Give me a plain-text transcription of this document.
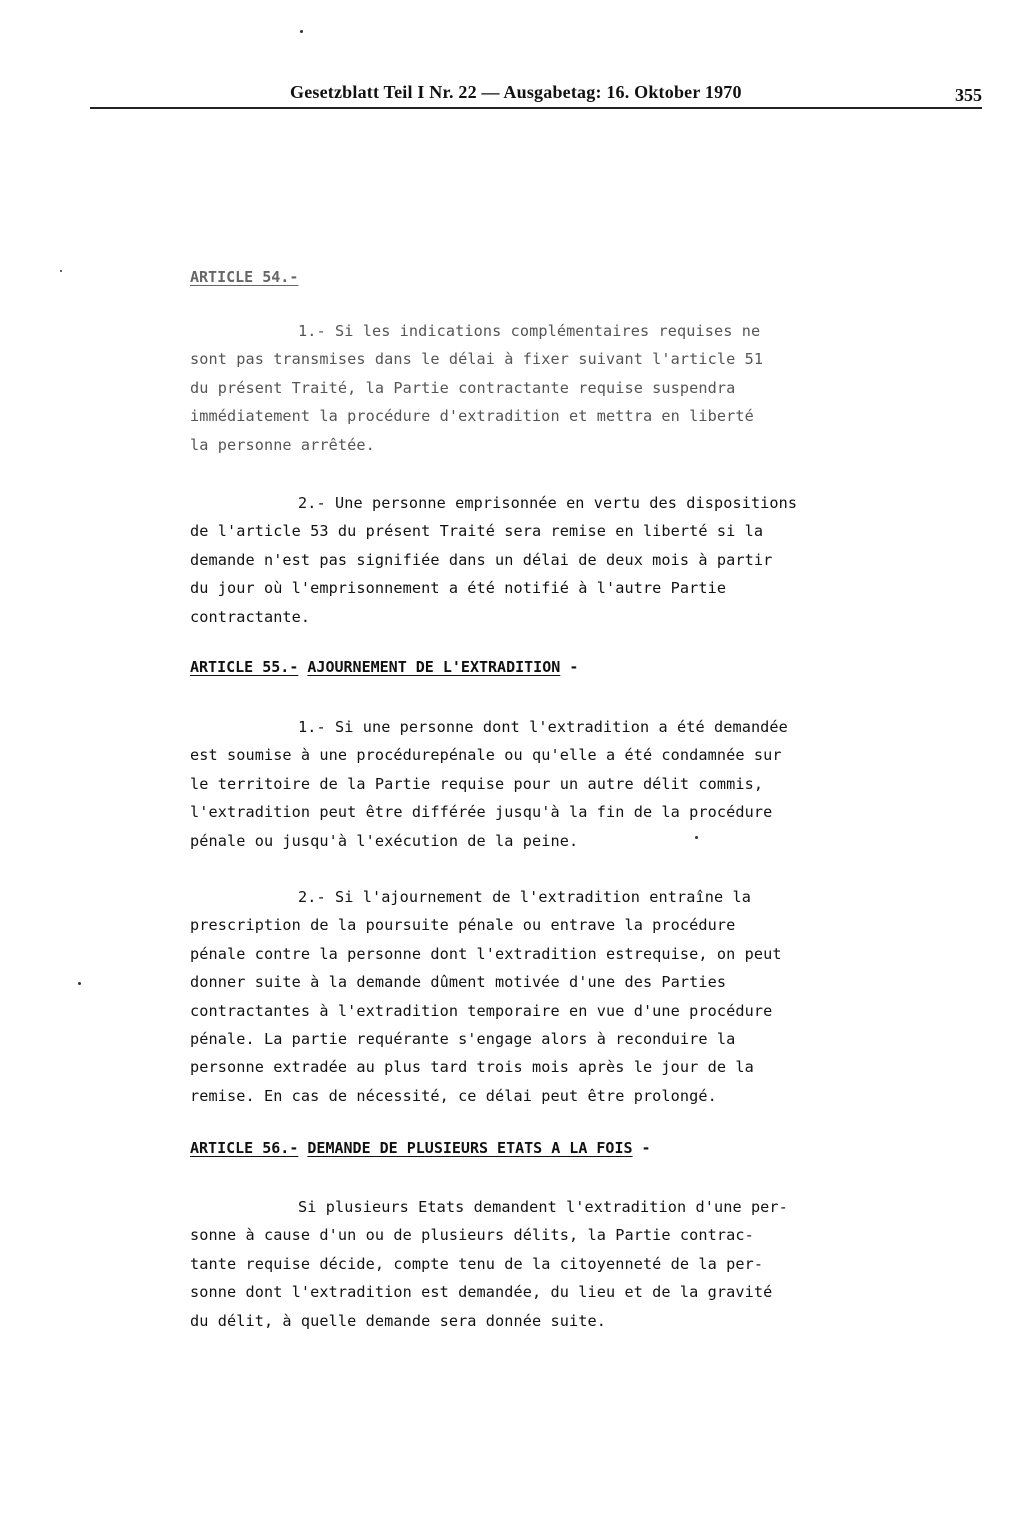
Gesetzblatt Teil I Nr. 22 — Ausgabetag: 16. Oktober 1970	355
ARTICLE 54.-
1.- Si les indications complémentaires requises ne
sont pas transmises dans le délai à fixer suivant l'article 51
du présent Traité, la Partie contractante requise suspendra
immédiatement la procédure d'extradition et mettra en liberté
la personne arrêtée.
2.- Une personne emprisonnée en vertu des dispositions
de l'article 53 du présent Traité sera remise en liberté si la
demande n'est pas signifiée dans un délai de deux mois à partir
du jour où l'emprisonnement a été notifié à l'autre Partie
contractante.
ARTICLE 55.- AJOURNEMENT DE L'EXTRADITION -
1.- Si une personne dont l'extradition a été demandée
est soumise à une procédurepénale ou qu'elle a été condamnée sur
le territoire de la Partie requise pour un autre délit commis,
l'extradition peut être différée jusqu'à la fin de la procédure
pénale ou jusqu'à l'exécution de la peine.
2.- Si l'ajournement de l'extradition entraîne la
prescription de la poursuite pénale ou entrave la procédure
pénale contre la personne dont l'extradition estrequise, on peut
donner suite à la demande dûment motivée d'une des Parties
contractantes à l'extradition temporaire en vue d'une procédure
pénale. La partie requérante s'engage alors à reconduire la
personne extradée au plus tard trois mois après le jour de la
remise. En cas de nécessité, ce délai peut être prolongé.
ARTICLE 56.- DEMANDE DE PLUSIEURS ETATS A LA FOIS -
Si plusieurs Etats demandent l'extradition d'une per-
sonne à cause d'un ou de plusieurs délits, la Partie contrac-
tante requise décide, compte tenu de la citoyenneté de la per-
sonne dont l'extradition est demandée, du lieu et de la gravité
du délit, à quelle demande sera donnée suite.
